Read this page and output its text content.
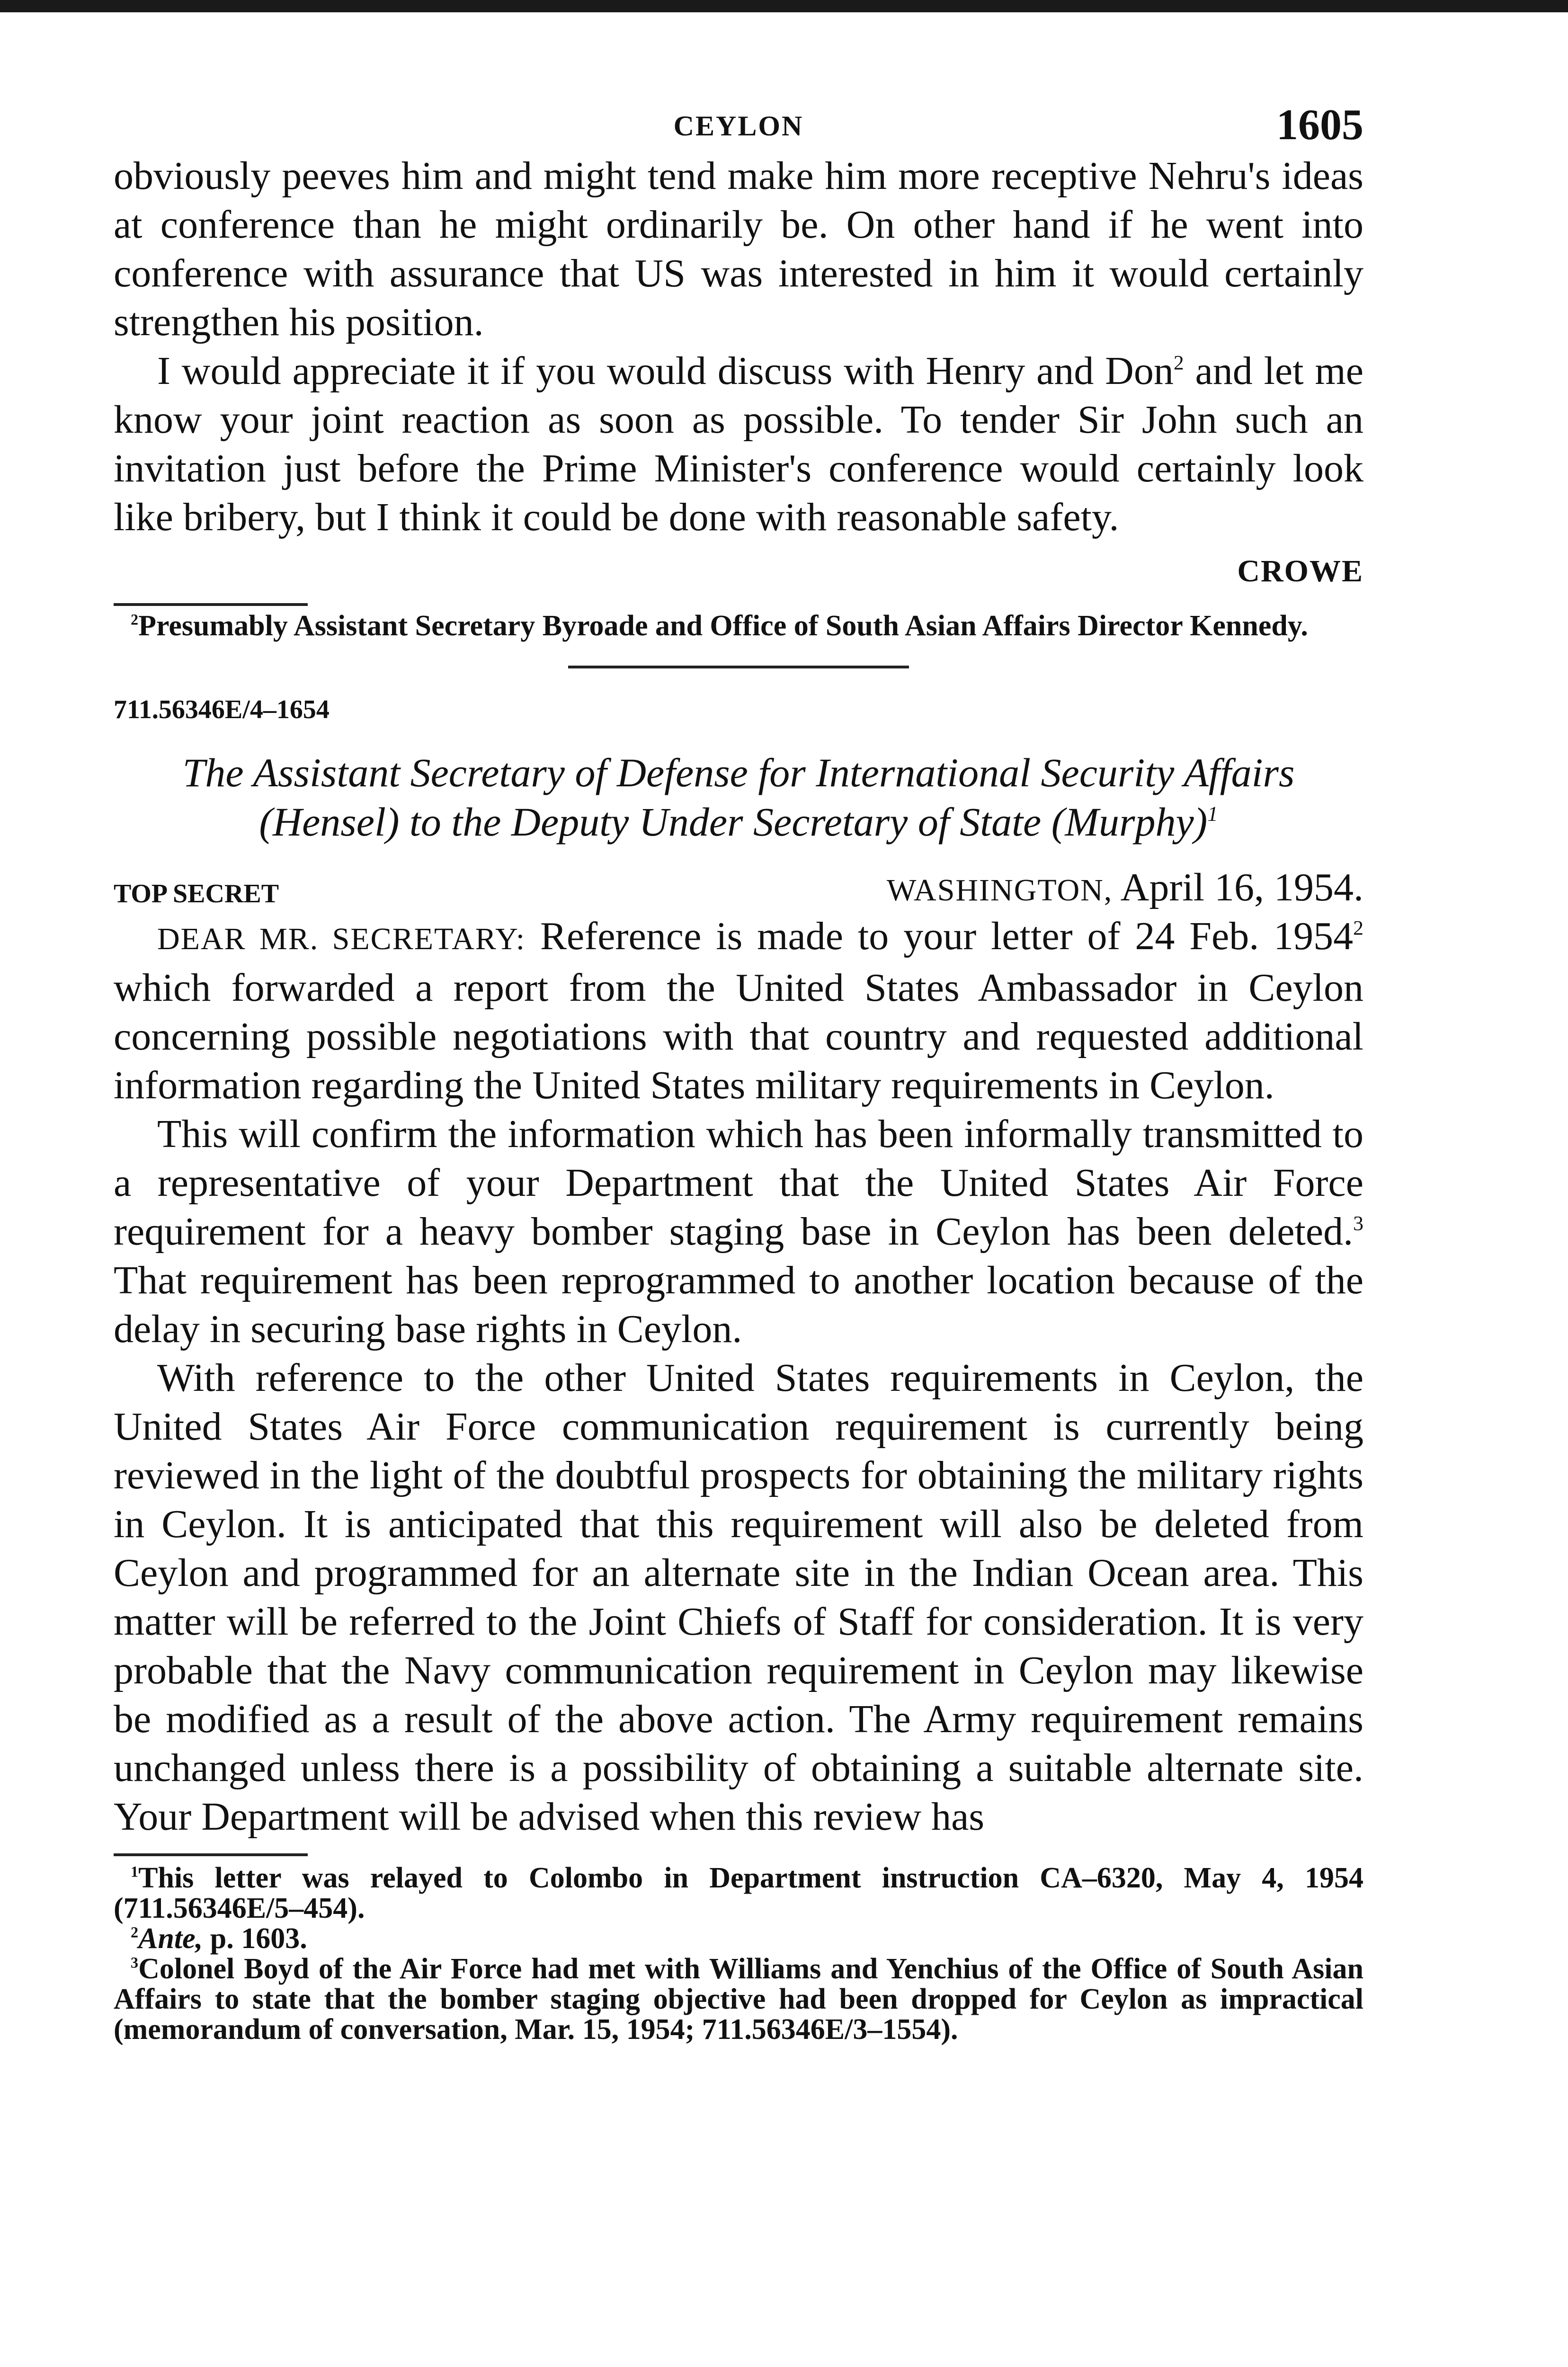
CEYLON	1605

obviously peeves him and might tend make him more receptive Nehru's ideas at conference than he might ordinarily be. On other hand if he went into conference with assurance that US was interested in him it would certainly strengthen his position.

I would appreciate it if you would discuss with Henry and Don$^2$ and let me know your joint reaction as soon as possible. To tender Sir John such an invitation just before the Prime Minister's conference would certainly look like bribery, but I think it could be done with reasonable safety.

CROWE

$^2$Presumably Assistant Secretary Byroade and Office of South Asian Affairs Director Kennedy.

711.56346E/4–1654
The Assistant Secretary of Defense for International Security Affairs
(Hensel) to the Deputy Under Secretary of State (Murphy)$^1$
TOP SECRET	WASHINGTON, April 16, 1954.

DEAR MR. SECRETARY: Reference is made to your letter of 24 Feb. 1954$^2$ which forwarded a report from the United States Ambassador in Ceylon concerning possible negotiations with that country and requested additional information regarding the United States military requirements in Ceylon.

This will confirm the information which has been informally transmitted to a representative of your Department that the United States Air Force requirement for a heavy bomber staging base in Ceylon has been deleted.$^3$ That requirement has been reprogrammed to another location because of the delay in securing base rights in Ceylon.

With reference to the other United States requirements in Ceylon, the United States Air Force communication requirement is currently being reviewed in the light of the doubtful prospects for obtaining the military rights in Ceylon. It is anticipated that this requirement will also be deleted from Ceylon and programmed for an alternate site in the Indian Ocean area. This matter will be referred to the Joint Chiefs of Staff for consideration. It is very probable that the Navy communication requirement in Ceylon may likewise be modified as a result of the above action. The Army requirement remains unchanged unless there is a possibility of obtaining a suitable alternate site. Your Department will be advised when this review has

$^1$This letter was relayed to Colombo in Department instruction CA–6320, May 4, 1954 (711.56346E/5–454).

$^2$Ante, p. 1603.

$^3$Colonel Boyd of the Air Force had met with Williams and Yenchius of the Office of South Asian Affairs to state that the bomber staging objective had been dropped for Ceylon as impractical (memorandum of conversation, Mar. 15, 1954; 711.56346E/3–1554).
